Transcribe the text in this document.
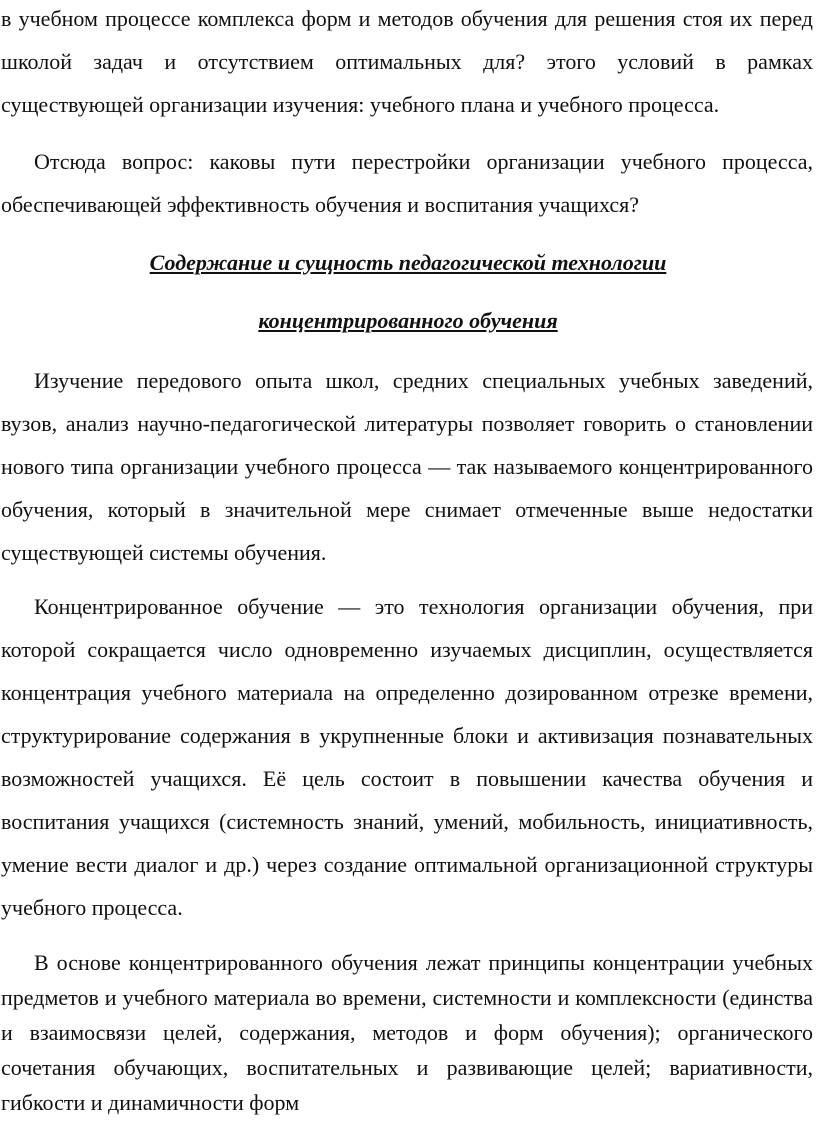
в учебном процессе комплекса форм и методов обучения для решения стоя их перед школой задач и отсутствием оптимальных для? этого условий в рамках существующей организации изучения: учебного плана и учебного процесса.

Отсюда вопрос: каковы пути перестройки организации учебного процесса, обеспечивающей эффективность обучения и воспитания учащихся?

Содержание и сущность педагогической технологии

концентрированного обучения

Изучение передового опыта школ, средних специальных учебных заведений, вузов, анализ научно-педагогической литературы позволяет говорить о становлении нового типа организации учебного процесса — так называемого концентрированного обучения, который в значительной мере снимает отмеченные выше недостатки существующей системы обучения.

Концентрированное обучение — это технология организации обучения, при которой сокращается число одновременно изучаемых дисциплин, осуществляется концентрация учебного материала на определенно дозированном отрезке времени, структурирование содержания в укрупненные блоки и активизация познавательных возможностей учащихся. Её цель состоит в повышении качества обучения и воспитания учащихся (системность знаний, умений, мобильность, инициативность, умение вести диалог и др.) через создание оптимальной организационной структуры учебного процесса.

В основе концентрированного обучения лежат принципы концентрации учебных предметов и учебного материала во времени, системности и комплексности (единства и взаимосвязи целей, содержания, методов и форм обучения); органического сочетания обучающих, воспитательных и развивающие целей; вариативности, гибкости и динамичности форм
